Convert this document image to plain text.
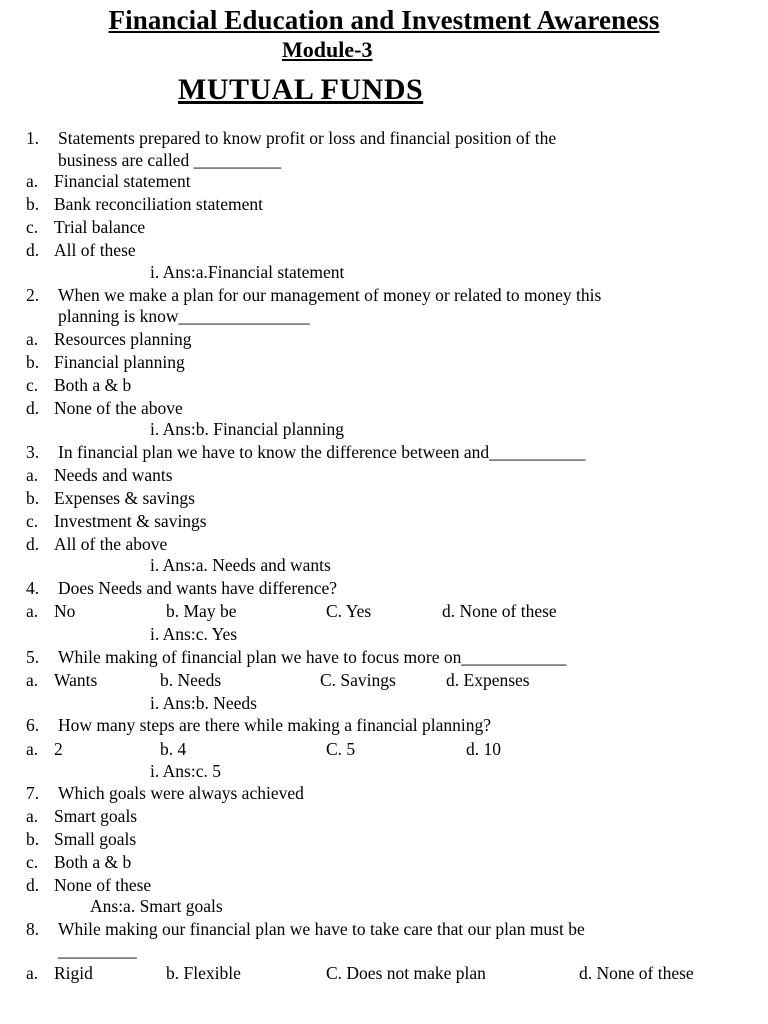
Financial Education and Investment Awareness
Module-3
MUTUAL FUNDS
1. Statements prepared to know profit or loss and financial position of the
business are called __________
a. Financial statement
b. Bank reconciliation statement
c. Trial balance
d. All of these
i. Ans:a.Financial statement
2. When we make a plan for our management of money or related to money this
planning is know_______________
a. Resources planning
b. Financial planning
c. Both a & b
d. None of the above
i. Ans:b. Financial planning
3. In financial plan we have to know the difference between and___________
a. Needs and wants
b. Expenses & savings
c. Investment & savings
d. All of the above
i. Ans:a. Needs and wants
4. Does Needs and wants have difference?
a. No	b. May be	C. Yes	d. None of these
i. Ans:c. Yes
5. While making of financial plan we have to focus more on____________
a. Wants	b. Needs	C. Savings	d. Expenses
i. Ans:b. Needs
6. How many steps are there while making a financial planning?
a. 2	b. 4	C. 5	d. 10
i. Ans:c. 5
7. Which goals were always achieved
a. Smart goals
b. Small goals
c. Both a & b
d. None of these
Ans:a. Smart goals
8. While making our financial plan we have to take care that our plan must be
_________
a. Rigid	b. Flexible	C. Does not make plan	d. None of these
